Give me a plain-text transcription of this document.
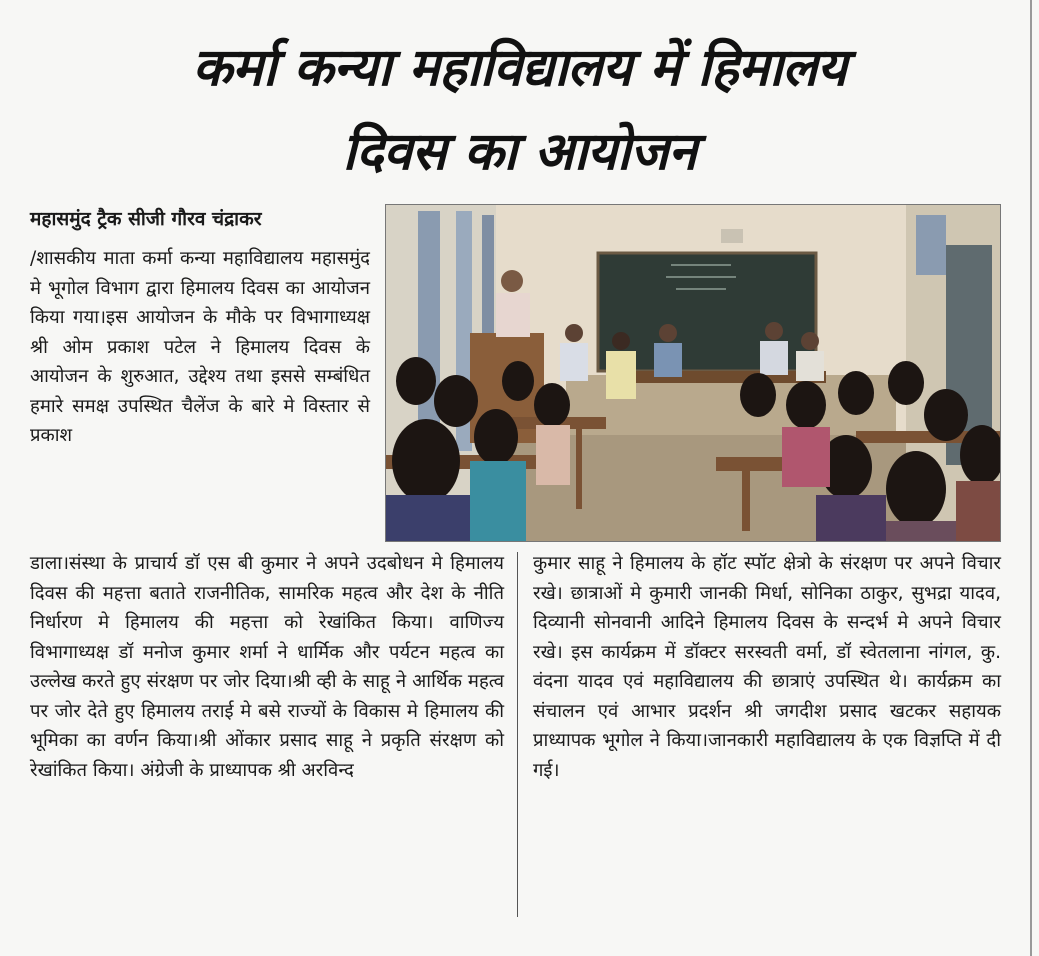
कर्मा कन्या महाविद्यालय में हिमालय
दिवस का आयोजन
महासमुंद ट्रैक सीजी गौरव चंद्राकर

/शासकीय माता कर्मा कन्या महाविद्यालय महासमुंद मे भूगोल विभाग द्वारा हिमालय दिवस का आयोजन किया गया।इस आयोजन के मौके पर विभागाध्यक्ष श्री ओम प्रकाश पटेल ने हिमालय दिवस के आयोजन के शुरुआत, उद्देश्य तथा इससे सम्बंधित हमारे समक्ष उपस्थित चैलेंज के बारे मे विस्तार से प्रकाश

डाला।संस्था के प्राचार्य डॉ एस बी कुमार ने अपने उदबोधन मे हिमालय दिवस की महत्ता बताते राजनीतिक, सामरिक महत्व और देश के नीति निर्धारण मे हिमालय की महत्ता को रेखांकित किया। वाणिज्य विभागाध्यक्ष डॉ मनोज कुमार शर्मा ने धार्मिक और पर्यटन महत्व का उल्लेख करते हुए संरक्षण पर जोर दिया।श्री व्ही के साहू ने आर्थिक महत्व पर जोर देते हुए हिमालय तराई मे बसे राज्यों के विकास मे हिमालय की भूमिका का वर्णन किया।श्री ओंकार प्रसाद साहू ने प्रकृति संरक्षण को रेखांकित किया। अंग्रेजी के प्राध्यापक श्री अरविन्द

कुमार साहू ने हिमालय के हॉट स्पॉट क्षेत्रो के संरक्षण पर अपने विचार रखे। छात्राओं मे कुमारी जानकी मिर्धा, सोनिका ठाकुर, सुभद्रा यादव, दिव्यानी सोनवानी आदिने हिमालय दिवस के सन्दर्भ मे अपने विचार रखे। इस कार्यक्रम में डॉक्टर सरस्वती वर्मा, डॉ स्वेतलाना नांगल, कु. वंदना यादव एवं महाविद्यालय की छात्राएं उपस्थित थे। कार्यक्रम का संचालन एवं आभार प्रदर्शन श्री जगदीश प्रसाद खटकर सहायक प्राध्यापक भूगोल ने किया।जानकारी महाविद्यालय के एक विज्ञप्ति में दी गई।
